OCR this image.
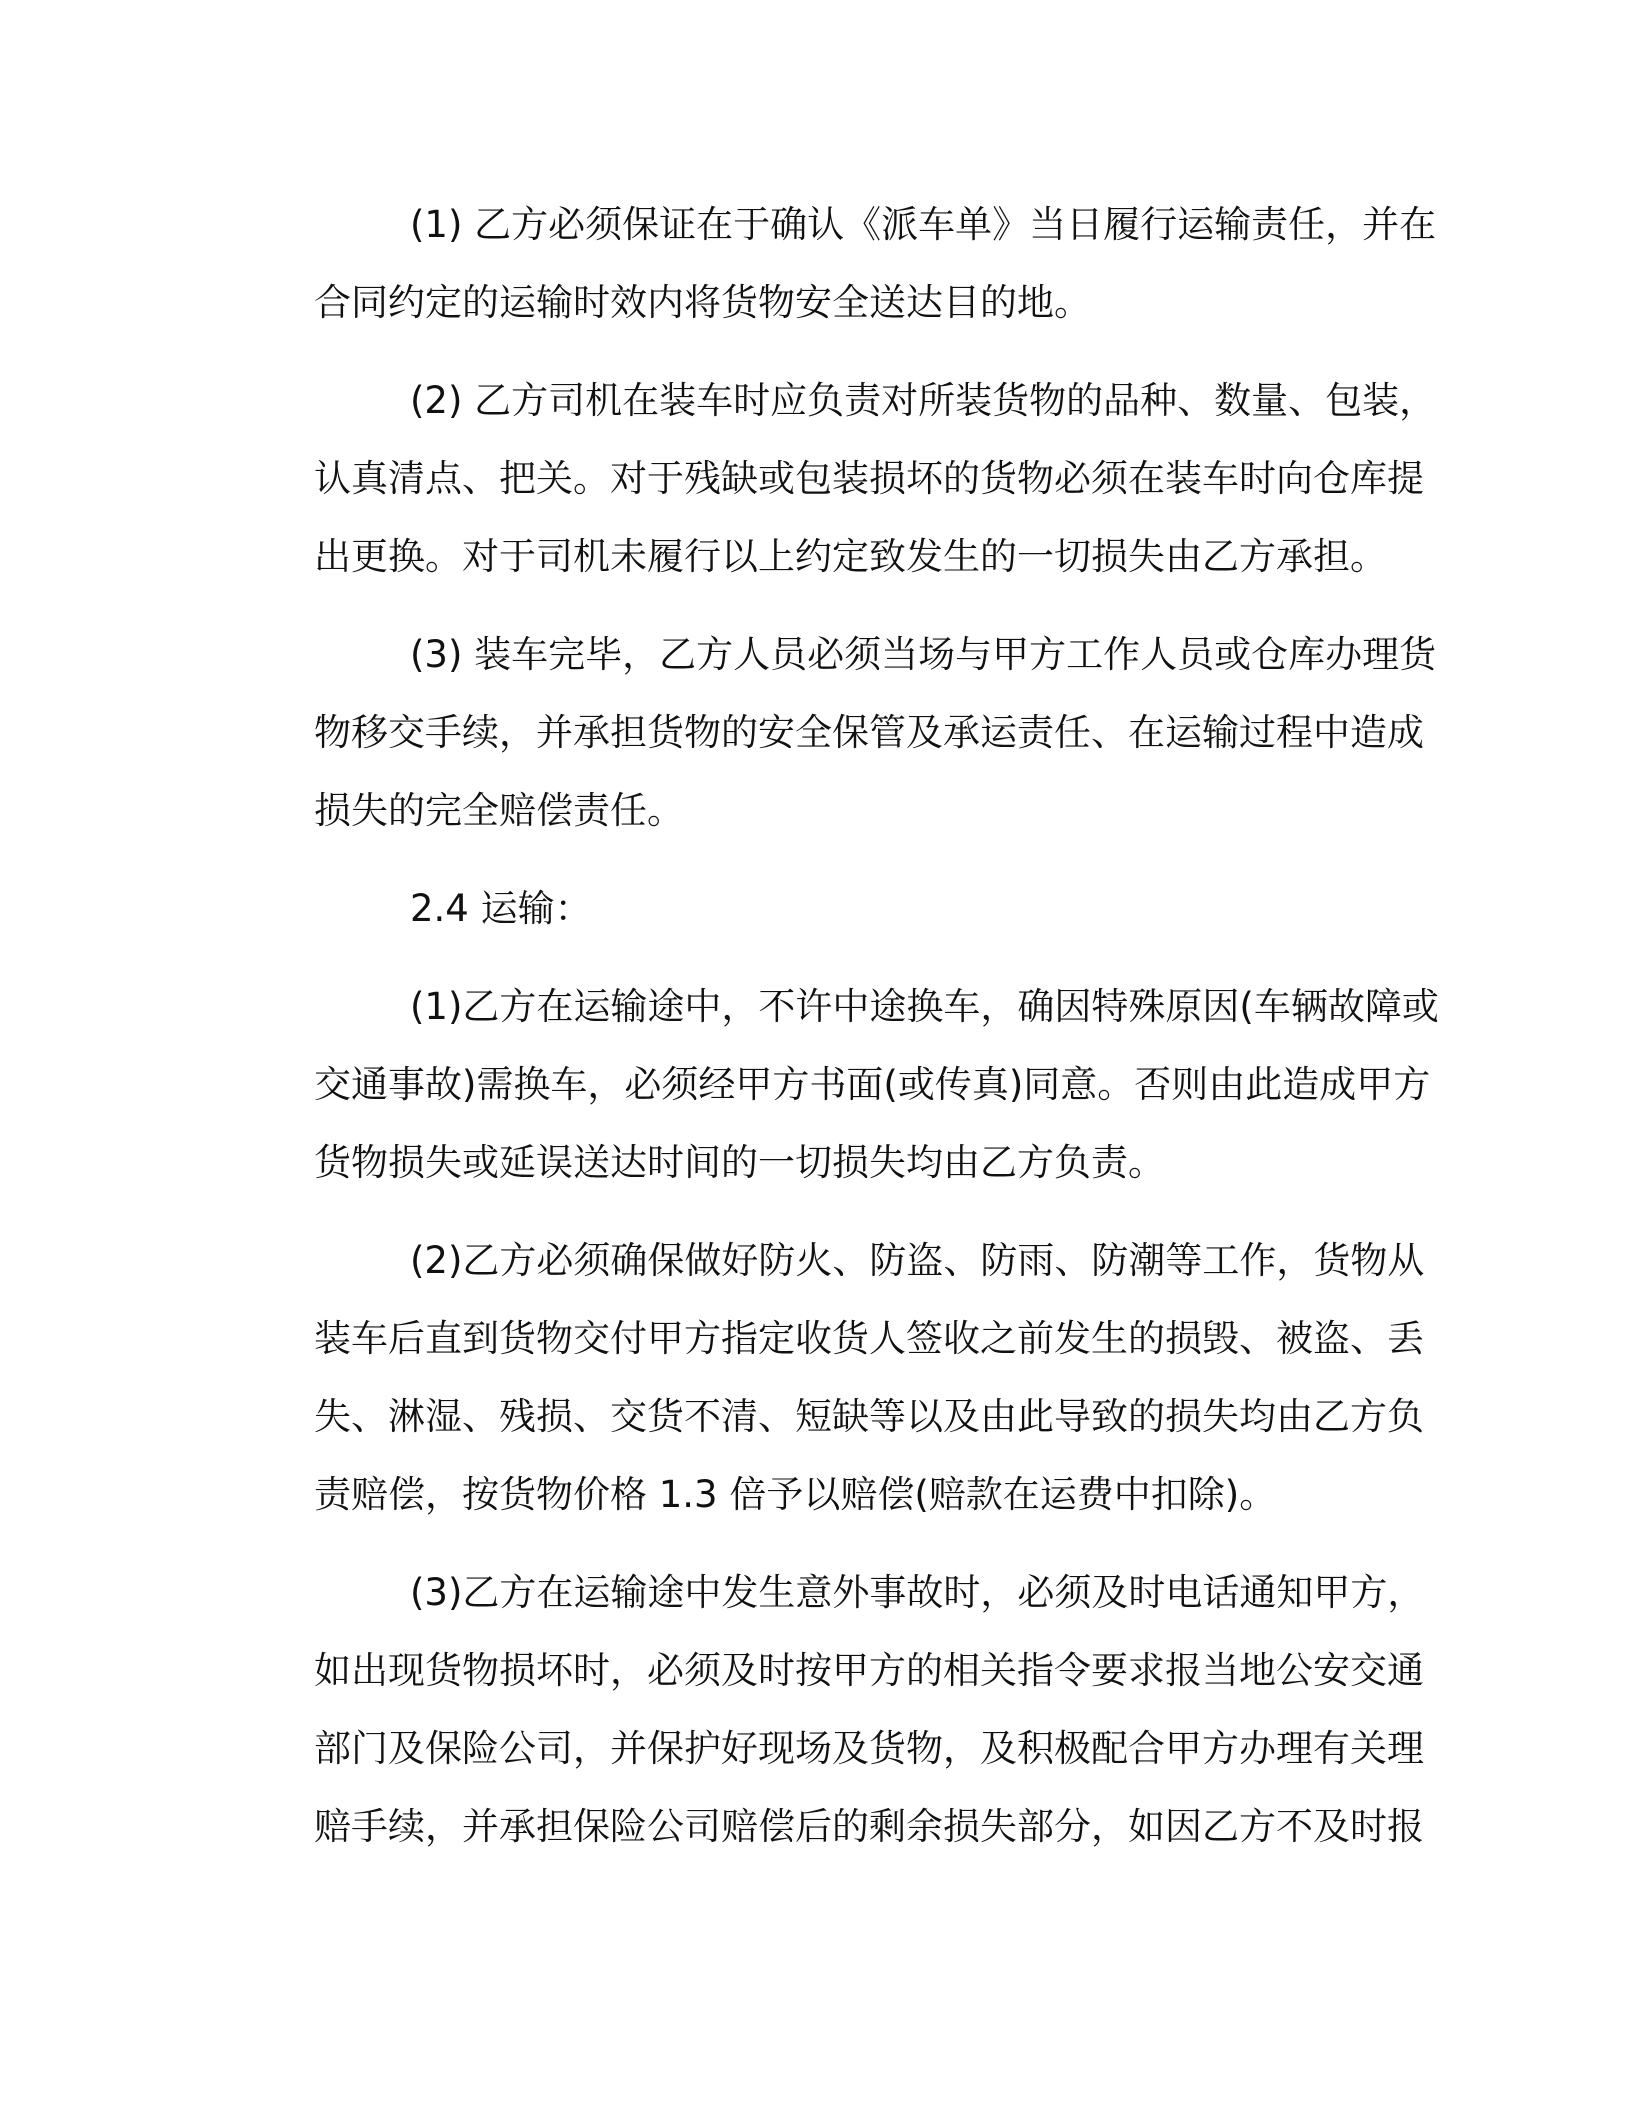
(1) 乙方必须保证在于确认《派车单》当日履行运输责任，并在
合同约定的运输时效内将货物安全送达目的地。
(2) 乙方司机在装车时应负责对所装货物的品种、数量、包装，
认真清点、把关。对于残缺或包装损坏的货物必须在装车时向仓库提
出更换。对于司机未履行以上约定致发生的一切损失由乙方承担。
(3) 装车完毕，乙方人员必须当场与甲方工作人员或仓库办理货
物移交手续，并承担货物的安全保管及承运责任、在运输过程中造成
损失的完全赔偿责任。
2.4 运输：
(1)乙方在运输途中，不许中途换车，确因特殊原因(车辆故障或
交通事故)需换车，必须经甲方书面(或传真)同意。否则由此造成甲方
货物损失或延误送达时间的一切损失均由乙方负责。
(2)乙方必须确保做好防火、防盗、防雨、防潮等工作，货物从
装车后直到货物交付甲方指定收货人签收之前发生的损毁、被盗、丢
失、淋湿、残损、交货不清、短缺等以及由此导致的损失均由乙方负
责赔偿，按货物价格 1.3 倍予以赔偿(赔款在运费中扣除)。
(3)乙方在运输途中发生意外事故时，必须及时电话通知甲方，
如出现货物损坏时，必须及时按甲方的相关指令要求报当地公安交通
部门及保险公司，并保护好现场及货物，及积极配合甲方办理有关理
赔手续，并承担保险公司赔偿后的剩余损失部分，如因乙方不及时报
